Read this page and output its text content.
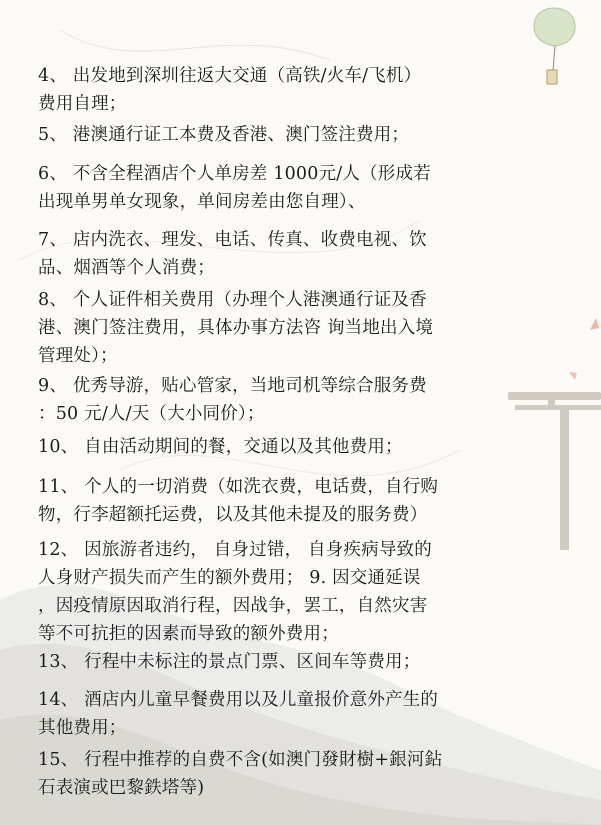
4、 出发地到深圳往返大交通（高铁/火车/飞机）
费用自理；
5、 港澳通行证工本费及香港、澳门签注费用；
6、 不含全程酒店个人单房差 1000元/人（形成若
出现单男单女现象，单间房差由您自理）、
7、 店内洗衣、理发、电话、传真、收费电视、饮
品、烟酒等个人消费；
8、 个人证件相关费用（办理个人港澳通行证及香
港、澳门签注费用，具体办事方法咨 询当地出入境
管理处）；
9、 优秀导游，贴心管家，当地司机等综合服务费
：50 元/人/天（大小同价）；
10、 自由活动期间的餐，交通以及其他费用；
11、 个人的一切消费（如洗衣费，电话费，自行购
物，行李超额托运费，以及其他未提及的服务费）
12、 因旅游者违约， 自身过错， 自身疾病导致的
人身财产损失而产生的额外费用； 9. 因交通延误
，因疫情原因取消行程，因战争，罢工，自然灾害
等不可抗拒的因素而导致的额外费用；
13、 行程中未标注的景点门票、区间车等费用；
14、 酒店内儿童早餐费用以及儿童报价意外产生的
其他费用；
15、 行程中推荐的自费不含(如澳门發財樹+銀河鉆
石表演或巴黎鉄塔等)
